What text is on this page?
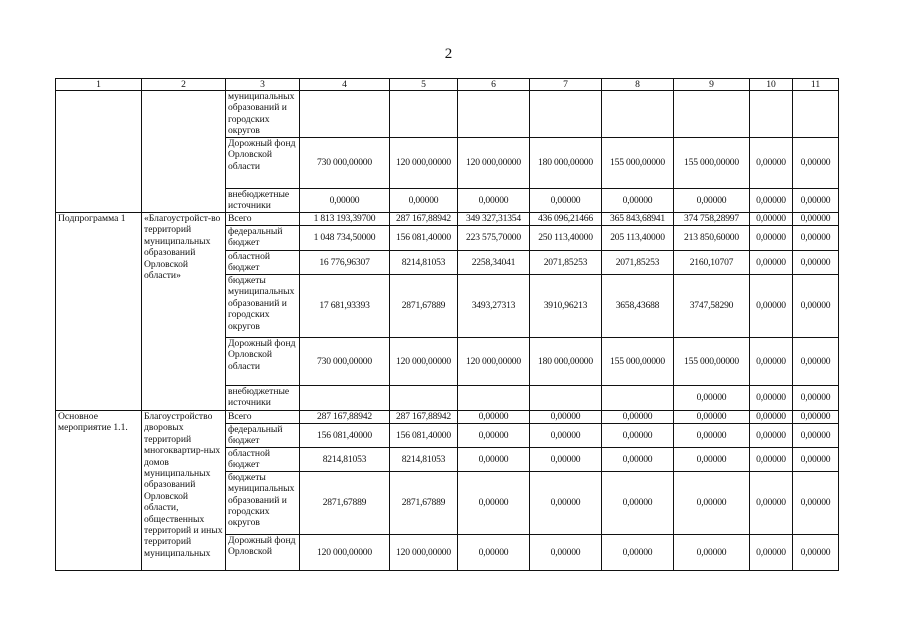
2
1	2	3	4	5	6	7	8	9	10	11
		муниципальных образований и городских округов								
		Дорожный фонд Орловской области	730 000,00000	120 000,00000	120 000,00000	180 000,00000	155 000,00000	155 000,00000	0,00000	0,00000
		внебюджетные источники	0,00000	0,00000	0,00000	0,00000	0,00000	0,00000	0,00000	0,00000
Подпрограмма 1	«Благоустройст-во территорий муниципальных образований Орловской области»	Всего	1 813 193,39700	287 167,88942	349 327,31354	436 096,21466	365 843,68941	374 758,28997	0,00000	0,00000
		федеральный бюджет	1 048 734,50000	156 081,40000	223 575,70000	250 113,40000	205 113,40000	213 850,60000	0,00000	0,00000
		областной бюджет	16 776,96307	8214,81053	2258,34041	2071,85253	2071,85253	2160,10707	0,00000	0,00000
		бюджеты муниципальных образований и городских округов	17 681,93393	2871,67889	3493,27313	3910,96213	3658,43688	3747,58290	0,00000	0,00000
		Дорожный фонд Орловской области	730 000,00000	120 000,00000	120 000,00000	180 000,00000	155 000,00000	155 000,00000	0,00000	0,00000
		внебюджетные источники						0,00000	0,00000	0,00000
Основное мероприятие 1.1.	Благоустройство дворовых территорий многоквартир-ных домов муниципальных образований Орловской области, общественных территорий и иных территорий муниципальных	Всего	287 167,88942	287 167,88942	0,00000	0,00000	0,00000	0,00000	0,00000	0,00000
		федеральный бюджет	156 081,40000	156 081,40000	0,00000	0,00000	0,00000	0,00000	0,00000	0,00000
		областной бюджет	8214,81053	8214,81053	0,00000	0,00000	0,00000	0,00000	0,00000	0,00000
		бюджеты муниципальных образований и городских округов	2871,67889	2871,67889	0,00000	0,00000	0,00000	0,00000	0,00000	0,00000
		Дорожный фонд Орловской	120 000,00000	120 000,00000	0,00000	0,00000	0,00000	0,00000	0,00000	0,00000
